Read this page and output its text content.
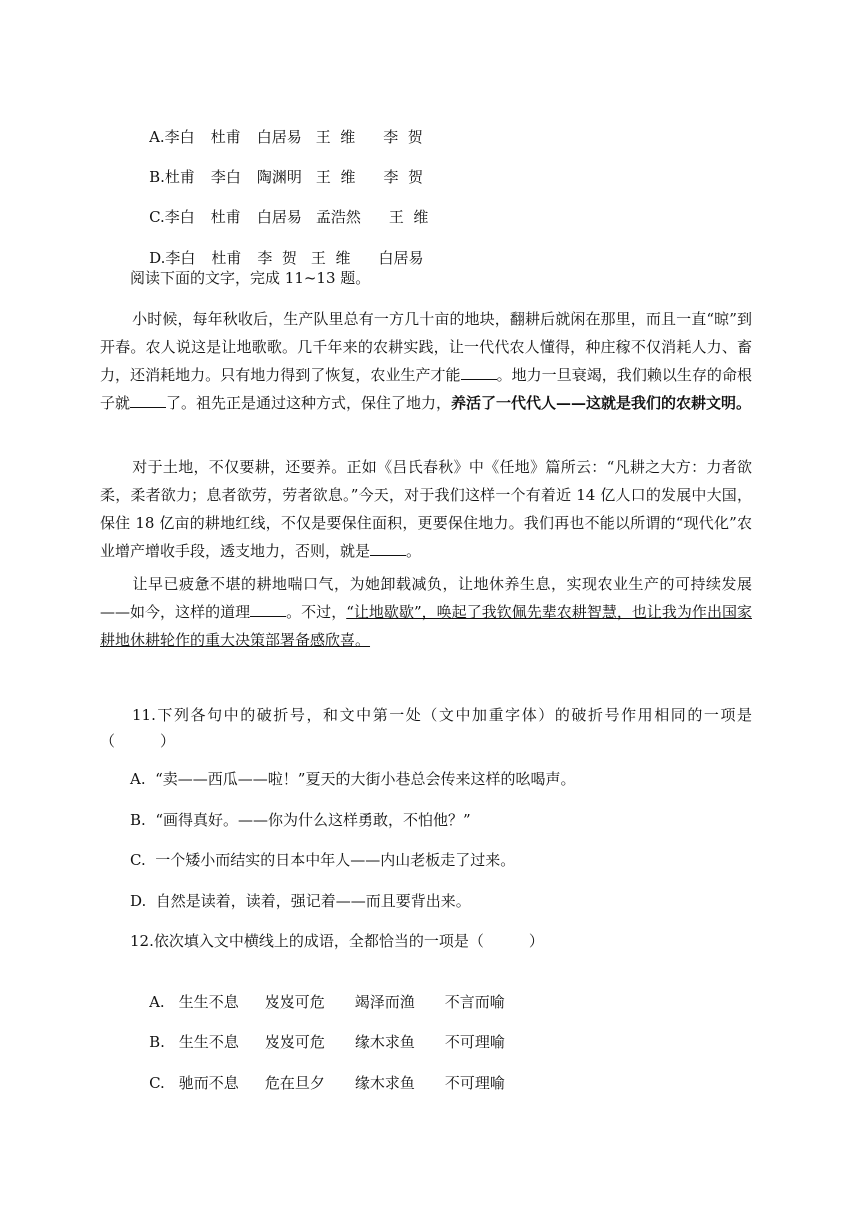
A.李白 杜甫 白居易 王  维 李  贺

B.杜甫 李白 陶渊明 王  维 李  贺

C.李白 杜甫 白居易 孟浩然 王  维

D.李白 杜甫 李  贺 王  维 白居易

阅读下面的文字，完成 11~13 题。

小时候，每年秋收后，生产队里总有一方几十亩的地块，翻耕后就闲在那里，而且一直“晾”到开春。农人说这是让地歌歌。几千年来的农耕实践，让一代代农人懂得，种庄稼不仅消耗人力、畜力，还消耗地力。只有地力得到了恢复，农业生产才能 。地力一旦衰竭，我们赖以生存的命根子就 了。祖先正是通过这种方式，保住了地力，养活了一代代人——这就是我们的农耕文明。

对于土地，不仅要耕，还要养。正如《吕氏春秋》中《任地》篇所云：“凡耕之大方：力者欲柔，柔者欲力；息者欲劳，劳者欲息。”今天，对于我们这样一个有着近 14 亿人口的发展中大国，保住 18 亿亩的耕地红线，不仅是要保住面积，更要保住地力。我们再也不能以所谓的“现代化”农业增产增收手段，透支地力，否则，就是 。

让早已疲惫不堪的耕地喘口气，为她卸载减负，让地休养生息，实现农业生产的可持续发展——如今，这样的道理 。不过，“让地歇歇”，唤起了我钦佩先辈农耕智慧，也让我为作出国家耕地休耕轮作的重大决策部署备感欣喜。

11.下列各句中的破折号，和文中第一处（文中加重字体）的破折号作用相同的一项是（　　　）

A.  “卖——西瓜——啦！”夏天的大街小巷总会传来这样的吆喝声。
B.  “画得真好。——你为什么这样勇敢，不怕他？”
C.  一个矮小而结实的日本中年人——内山老板走了过来。
D.  自然是读着，读着，强记着——而且要背出来。
12.依次填入文中横线上的成语，全都恰当的一项是（　　　）

A. 生生不息 岌岌可危 竭泽而渔 不言而喻

B. 生生不息 岌岌可危 缘木求鱼 不可理喻

C. 驰而不息 危在旦夕 缘木求鱼 不可理喻
